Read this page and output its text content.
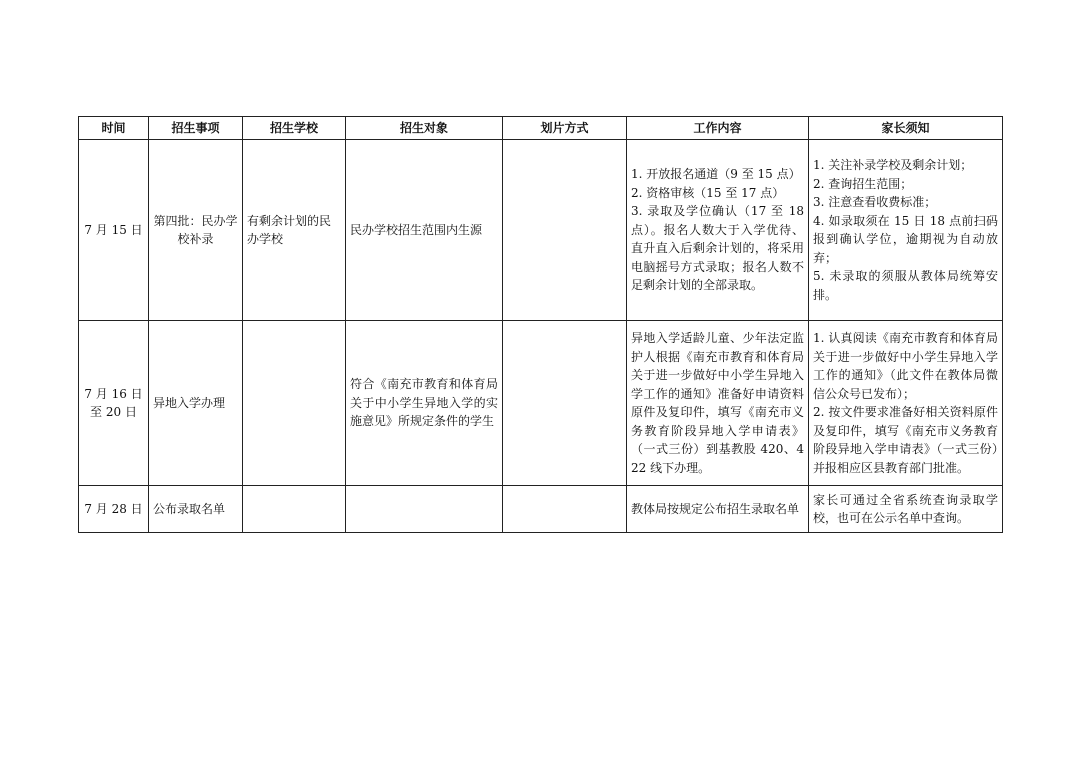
时间	招生事项	招生学校	招生对象	划片方式	工作内容	家长须知
7 月 15 日	第四批：民办学校补录	有剩余计划的民办学校	民办学校招生范围内生源		1. 开放报名通道（9 至 15 点）
2. 资格审核（15 至 17 点）
3. 录取及学位确认（17 至 18 点）。报名人数大于入学优待、直升直入后剩余计划的，将采用电脑摇号方式录取；报名人数不足剩余计划的全部录取。	1. 关注补录学校及剩余计划；
2. 查询招生范围；
3. 注意查看收费标准；
4. 如录取须在 15 日 18 点前扫码报到确认学位，逾期视为自动放弃；
5. 未录取的须服从教体局统筹安排。

7 月 16 日
至 20 日	异地入学办理		符合《南充市教育和体育局关于中小学生异地入学的实施意见》所规定条件的学生		异地入学适龄儿童、少年法定监护人根据《南充市教育和体育局关于进一步做好中小学生异地入学工作的通知》准备好申请资料原件及复印件，填写《南充市义务教育阶段异地入学申请表》（一式三份）到基教股 420、422 线下办理。	1. 认真阅读《南充市教育和体育局关于进一步做好中小学生异地入学工作的通知》（此文件在教体局微信公众号已发布）；
2. 按文件要求准备好相关资料原件及复印件，填写《南充市义务教育阶段异地入学申请表》（一式三份）并报相应区县教育部门批准。

7 月 28 日	公布录取名单				教体局按规定公布招生录取名单	家长可通过全省系统查询录取学校，也可在公示名单中查询。
